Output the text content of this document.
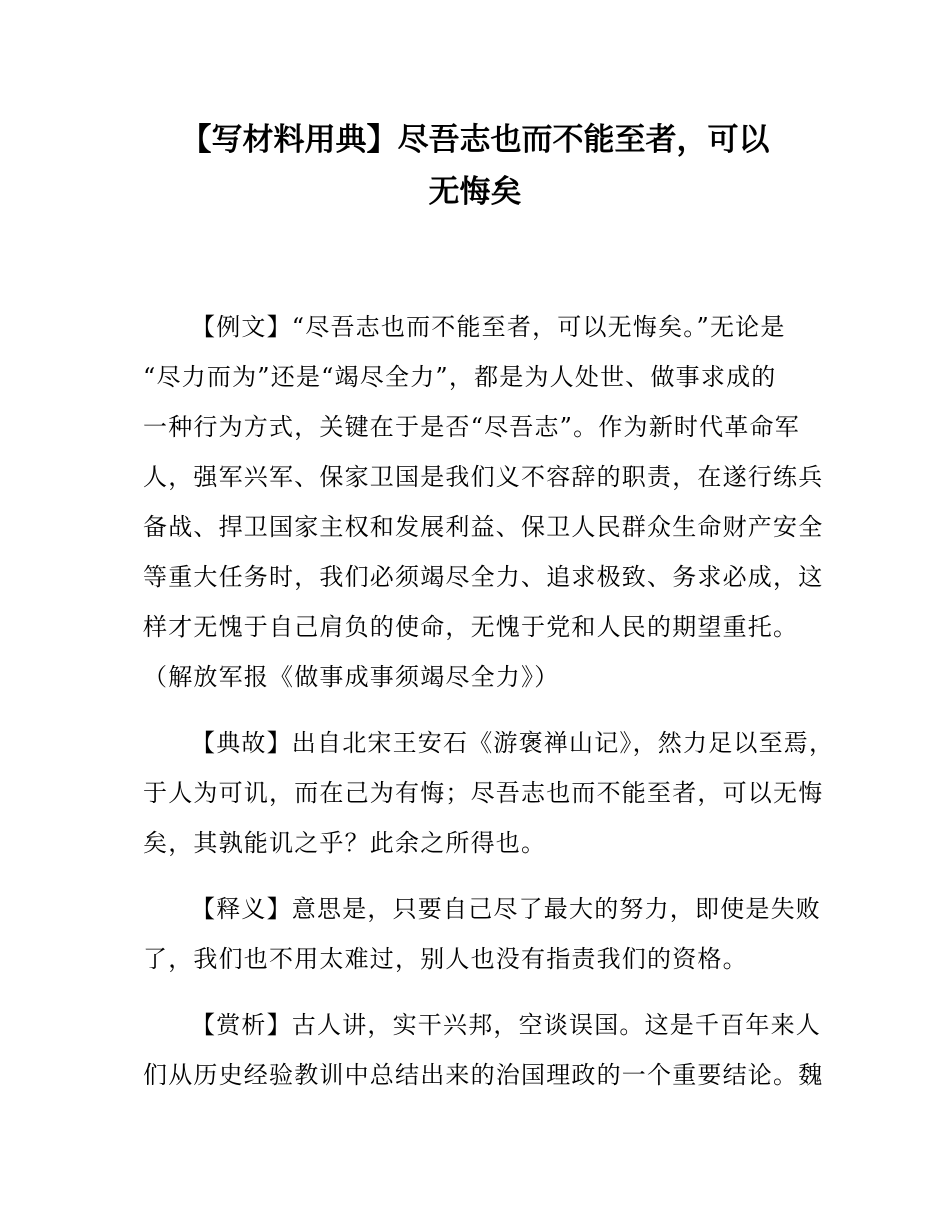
【写材料用典】尽吾志也而不能至者，可以
无悔矣
【例文】“尽吾志也而不能至者，可以无悔矣。”无论是
“尽力而为”还是“竭尽全力”，都是为人处世、做事求成的
一种行为方式，关键在于是否“尽吾志”。作为新时代革命军
人，强军兴军、保家卫国是我们义不容辞的职责，在遂行练兵
备战、捍卫国家主权和发展利益、保卫人民群众生命财产安全
等重大任务时，我们必须竭尽全力、追求极致、务求必成，这
样才无愧于自己肩负的使命，无愧于党和人民的期望重托。
（解放军报《做事成事须竭尽全力》）
【典故】出自北宋王安石《游褒禅山记》，然力足以至焉，
于人为可讥，而在己为有悔；尽吾志也而不能至者，可以无悔
矣，其孰能讥之乎？此余之所得也。
【释义】意思是，只要自己尽了最大的努力，即使是失败
了，我们也不用太难过，别人也没有指责我们的资格。
【赏析】古人讲，实干兴邦，空谈误国。这是千百年来人
们从历史经验教训中总结出来的治国理政的一个重要结论。魏
